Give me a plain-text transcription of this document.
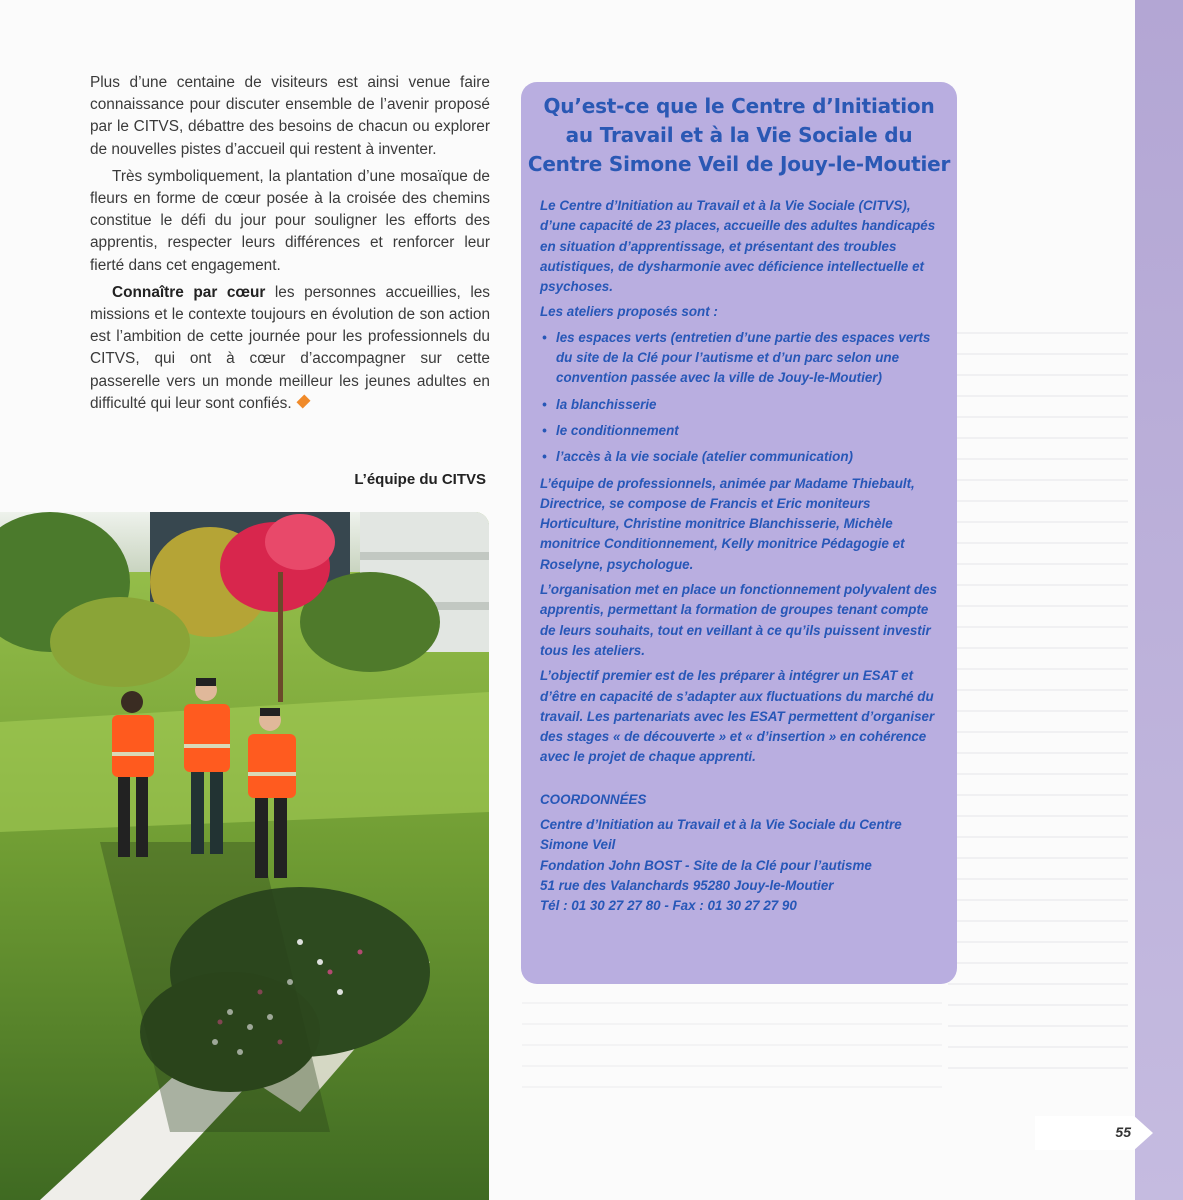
Plus d’une centaine de visiteurs est ainsi venue faire connaissance pour discuter ensemble de l’avenir proposé par le CITVS, débattre des besoins de chacun ou explorer de nouvelles pistes d’accueil qui restent à inventer.

Très symboliquement, la plantation d’une mosaïque de fleurs en forme de cœur posée à la croisée des chemins constitue le défi du jour pour souligner les efforts des apprentis, respecter leurs différences et renforcer leur fierté dans cet engagement.

Connaître par cœur les personnes accueillies, les missions et le contexte toujours en évolution de son action est l’ambition de cette journée pour les professionnels du CITVS, qui ont à cœur d’accompagner sur cette passerelle vers un monde meilleur les jeunes adultes en difficulté qui leur sont confiés.

L’équipe du CITVS
Qu’est-ce que le Centre d’Initiation au Travail et à la Vie Sociale du Centre Simone Veil de Jouy-le-Moutier

Le Centre d’Initiation au Travail et à la Vie Sociale (CITVS), d’une capacité de 23 places, accueille des adultes handicapés en situation d’apprentissage, et présentant des troubles autistiques, de dysharmonie avec déficience intellectuelle et psychoses.

Les ateliers proposés sont :

• les espaces verts (entretien d’une partie des espaces verts du site de la Clé pour l’autisme et d’un parc selon une convention passée avec la ville de Jouy-le-Moutier)
• la blanchisserie
• le conditionnement
• l’accès à la vie sociale (atelier communication)

L’équipe de professionnels, animée par Madame Thiebault, Directrice, se compose de Francis et Eric moniteurs Horticulture, Christine monitrice Blanchisserie, Michèle monitrice Conditionnement, Kelly monitrice Pédagogie et Roselyne, psychologue.

L’organisation met en place un fonctionnement polyvalent des apprentis, permettant la formation de groupes tenant compte de leurs souhaits, tout en veillant à ce qu’ils puissent investir tous les ateliers.

L’objectif premier est de les préparer à intégrer un ESAT et d’être en capacité de s’adapter aux fluctuations du marché du travail. Les partenariats avec les ESAT permettent d’organiser des stages « de découverte » et « d’insertion » en cohérence avec le projet de chaque apprenti.

COORDONNÉES

Centre d’Initiation au Travail et à la Vie Sociale du Centre Simone Veil
Fondation John BOST - Site de la Clé pour l’autisme
51 rue des Valanchards 95280 Jouy-le-Moutier
Tél : 01 30 27 27 80 - Fax : 01 30 27 27 90
55
